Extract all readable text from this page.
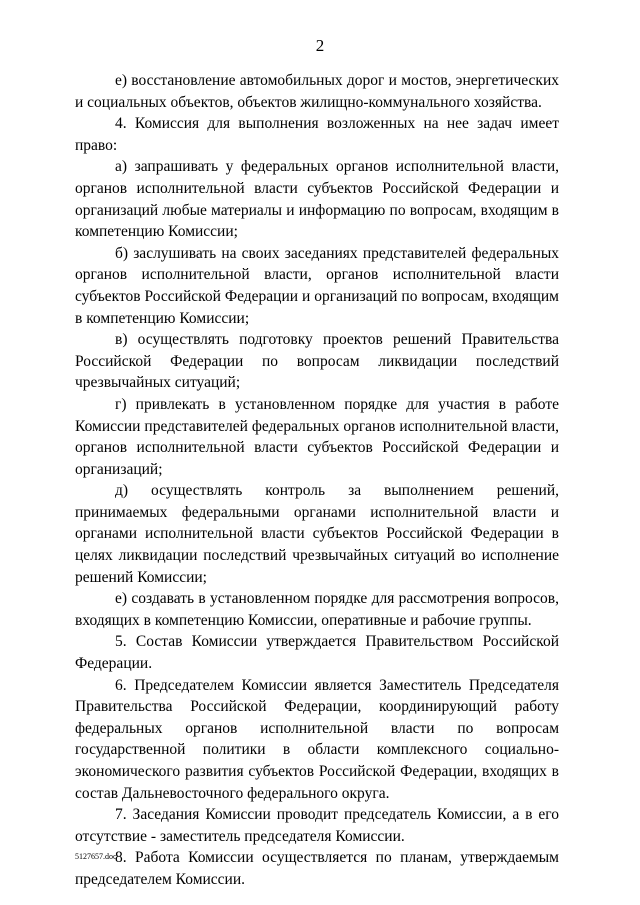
2

е) восстановление автомобильных дорог и мостов, энергетических и социальных объектов, объектов жилищно-коммунального хозяйства.

4. Комиссия для выполнения возложенных на нее задач имеет право:

а) запрашивать у федеральных органов исполнительной власти, органов исполнительной власти субъектов Российской Федерации и организаций любые материалы и информацию по вопросам, входящим в компетенцию Комиссии;

б) заслушивать на своих заседаниях представителей федеральных органов исполнительной власти, органов исполнительной власти субъектов Российской Федерации и организаций по вопросам, входящим в компетенцию Комиссии;

в) осуществлять подготовку проектов решений Правительства Российской Федерации по вопросам ликвидации последствий чрезвычайных ситуаций;

г) привлекать в установленном порядке для участия в работе Комиссии представителей федеральных органов исполнительной власти, органов исполнительной власти субъектов Российской Федерации и организаций;

д) осуществлять контроль за выполнением решений, принимаемых федеральными органами исполнительной власти и органами исполнительной власти субъектов Российской Федерации в целях ликвидации последствий чрезвычайных ситуаций во исполнение решений Комиссии;

е) создавать в установленном порядке для рассмотрения вопросов, входящих в компетенцию Комиссии, оперативные и рабочие группы.

5. Состав Комиссии утверждается Правительством Российской Федерации.

6. Председателем Комиссии является Заместитель Председателя Правительства Российской Федерации, координирующий работу федеральных органов исполнительной власти по вопросам государственной политики в области комплексного социально-экономического развития субъектов Российской Федерации, входящих в состав Дальневосточного федерального округа.

7. Заседания Комиссии проводит председатель Комиссии, а в его отсутствие - заместитель председателя Комиссии.

8. Работа Комиссии осуществляется по планам, утверждаемым председателем Комиссии.

5127657.doc
